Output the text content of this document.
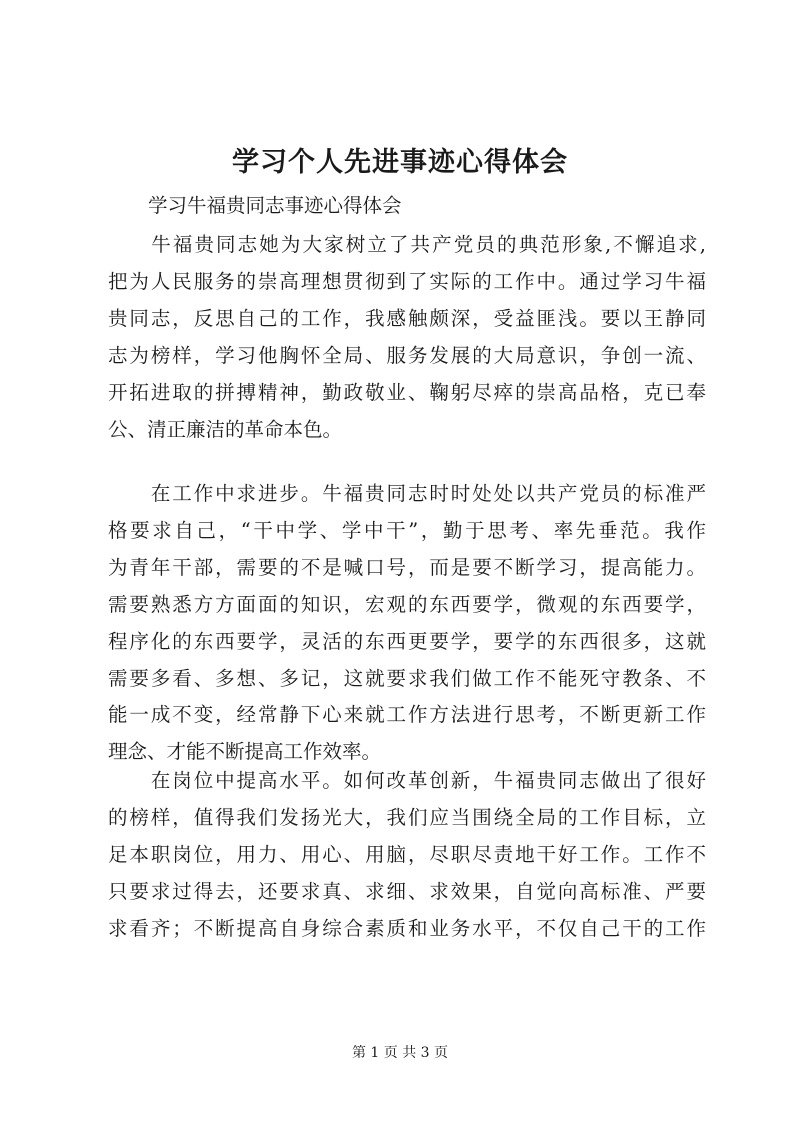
学习个人先进事迹心得体会

学习牛福贵同志事迹心得体会

　　牛福贵同志她为大家树立了共产党员的典范形象,不懈追求,
把为人民服务的崇高理想贯彻到了实际的工作中。通过学习牛福
贵同志，反思自己的工作，我感触颇深，受益匪浅。要以王静同
志为榜样，学习他胸怀全局、服务发展的大局意识，争创一流、
开拓进取的拼搏精神，勤政敬业、鞠躬尽瘁的崇高品格，克已奉
公、清正廉洁的革命本色。
　　在工作中求进步。牛福贵同志时时处处以共产党员的标准严
格要求自己，“干中学、学中干”，勤于思考、率先垂范。我作
为青年干部，需要的不是喊口号，而是要不断学习，提高能力。
需要熟悉方方面面的知识，宏观的东西要学，微观的东西要学，
程序化的东西要学，灵活的东西更要学，要学的东西很多，这就
需要多看、多想、多记，这就要求我们做工作不能死守教条、不
能一成不变，经常静下心来就工作方法进行思考，不断更新工作
理念、才能不断提高工作效率。
　　在岗位中提高水平。如何改革创新，牛福贵同志做出了很好
的榜样，值得我们发扬光大，我们应当围绕全局的工作目标，立
足本职岗位，用力、用心、用脑，尽职尽责地干好工作。工作不
只要求过得去，还要求真、求细、求效果，自觉向高标准、严要
求看齐；不断提高自身综合素质和业务水平，不仅自己干的工作

第 1 页 共 3 页
